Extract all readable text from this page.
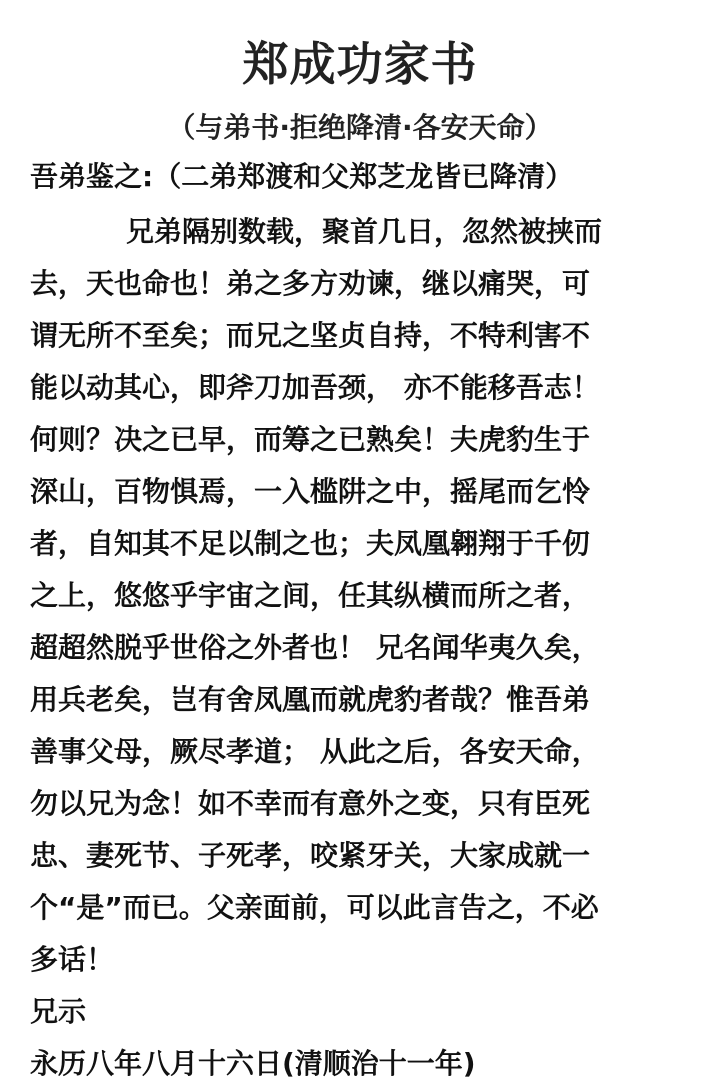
郑成功家书
（与弟书·拒绝降清·各安天命）
吾弟鉴之:（二弟郑渡和父郑芝龙皆已降清）
兄弟隔别数载，聚首几日，忽然被挟而
去，天也命也！弟之多方劝谏，继以痛哭，可
谓无所不至矣；而兄之坚贞自持，不特利害不
能以动其心，即斧刀加吾颈， 亦不能移吾志！
何则？决之已早，而筹之已熟矣！夫虎豹生于
深山，百物惧焉，一入槛阱之中，摇尾而乞怜
者，自知其不足以制之也；夫凤凰翱翔于千仞
之上，悠悠乎宇宙之间，任其纵横而所之者，
超超然脱乎世俗之外者也！ 兄名闻华夷久矣，
用兵老矣，岂有舍凤凰而就虎豹者哉？惟吾弟
善事父母，厥尽孝道； 从此之后，各安天命，
勿以兄为念！如不幸而有意外之变，只有臣死
忠、妻死节、子死孝，咬紧牙关，大家成就一
个“是”而已。父亲面前，可以此言告之，不必
多话！
兄示
永历八年八月十六日(清顺治十一年)
